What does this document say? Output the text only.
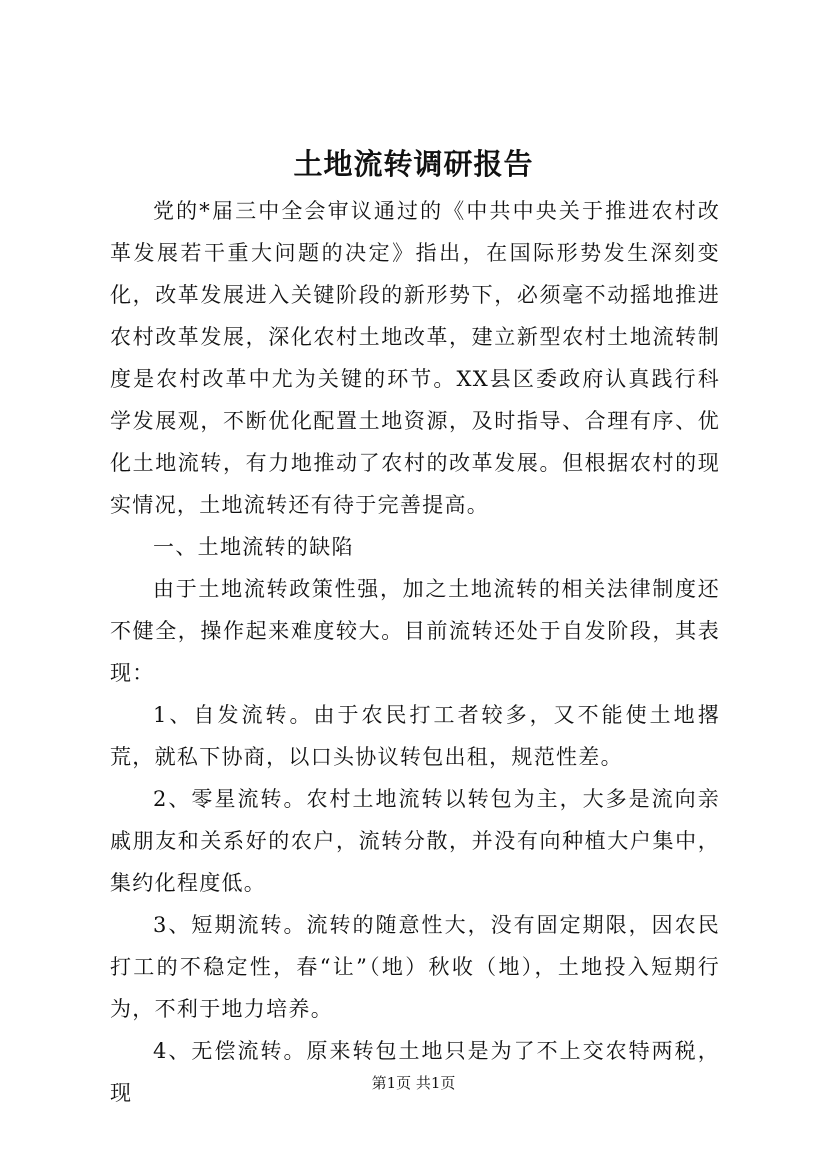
土地流转调研报告

党的*届三中全会审议通过的《中共中央关于推进农村改革发展若干重大问题的决定》指出，在国际形势发生深刻变化，改革发展进入关键阶段的新形势下，必须毫不动摇地推进农村改革发展，深化农村土地改革，建立新型农村土地流转制度是农村改革中尤为关键的环节。XX县区委政府认真践行科学发展观，不断优化配置土地资源，及时指导、合理有序、优化土地流转，有力地推动了农村的改革发展。但根据农村的现实情况，土地流转还有待于完善提高。

一、土地流转的缺陷

由于土地流转政策性强，加之土地流转的相关法律制度还不健全，操作起来难度较大。目前流转还处于自发阶段，其表现：

1、自发流转。由于农民打工者较多，又不能使土地撂荒，就私下协商，以口头协议转包出租，规范性差。

2、零星流转。农村土地流转以转包为主，大多是流向亲戚朋友和关系好的农户，流转分散，并没有向种植大户集中，集约化程度低。

3、短期流转。流转的随意性大，没有固定期限，因农民打工的不稳定性，春“让”（地）秋收（地），土地投入短期行为，不利于地力培养。

4、无偿流转。原来转包土地只是为了不上交农特两税，现	第1页 共1页
